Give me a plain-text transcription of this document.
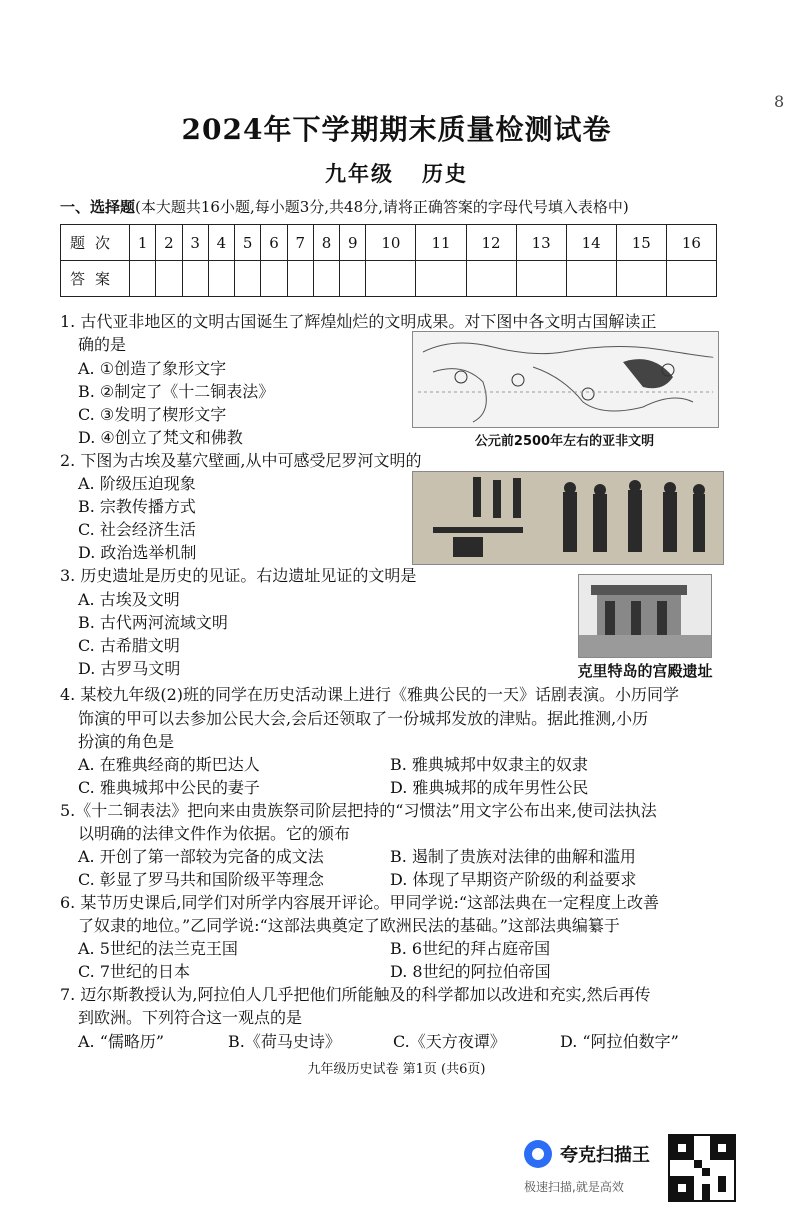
8
2024年下学期期末质量检测试卷
九年级 历史
一、选择题(本大题共16小题,每小题3分,共48分,请将正确答案的字母代号填入表格中)
题次	1	2	3	4	5	6	7	8	9	10	11	12	13	14	15	16
答案																
1. 古代亚非地区的文明古国诞生了辉煌灿烂的文明成果。对下图中各文明古国解读正
确的是
A. ①创造了象形文字
B. ②制定了《十二铜表法》
C. ③发明了楔形文字
D. ④创立了梵文和佛教	公元前2500年左右的亚非文明
2. 下图为古埃及墓穴壁画,从中可感受尼罗河文明的
A. 阶级压迫现象
B. 宗教传播方式
C. 社会经济生活
D. 政治选举机制
3. 历史遗址是历史的见证。右边遗址见证的文明是
A. 古埃及文明
B. 古代两河流域文明
C. 古希腊文明
D. 古罗马文明	克里特岛的宫殿遗址
4. 某校九年级(2)班的同学在历史活动课上进行《雅典公民的一天》话剧表演。小历同学
饰演的甲可以去参加公民大会,会后还领取了一份城邦发放的津贴。据此推测,小历
扮演的角色是
A. 在雅典经商的斯巴达人	B. 雅典城邦中奴隶主的奴隶
C. 雅典城邦中公民的妻子	D. 雅典城邦的成年男性公民
5.《十二铜表法》把向来由贵族祭司阶层把持的“习惯法”用文字公布出来,使司法执法
以明确的法律文件作为依据。它的颁布
A. 开创了第一部较为完备的成文法	B. 遏制了贵族对法律的曲解和滥用
C. 彰显了罗马共和国阶级平等理念	D. 体现了早期资产阶级的利益要求
6. 某节历史课后,同学们对所学内容展开评论。甲同学说:“这部法典在一定程度上改善
了奴隶的地位。”乙同学说:“这部法典奠定了欧洲民法的基础。”这部法典编纂于
A. 5世纪的法兰克王国	B. 6世纪的拜占庭帝国
C. 7世纪的日本	D. 8世纪的阿拉伯帝国
7. 迈尔斯教授认为,阿拉伯人几乎把他们所能触及的科学都加以改进和充实,然后再传
到欧洲。下列符合这一观点的是
A. “儒略历”	B.《荷马史诗》	C.《天方夜谭》	D. “阿拉伯数字”
九年级历史试卷 第1页 (共6页)
夸克扫描王
极速扫描,就是高效
